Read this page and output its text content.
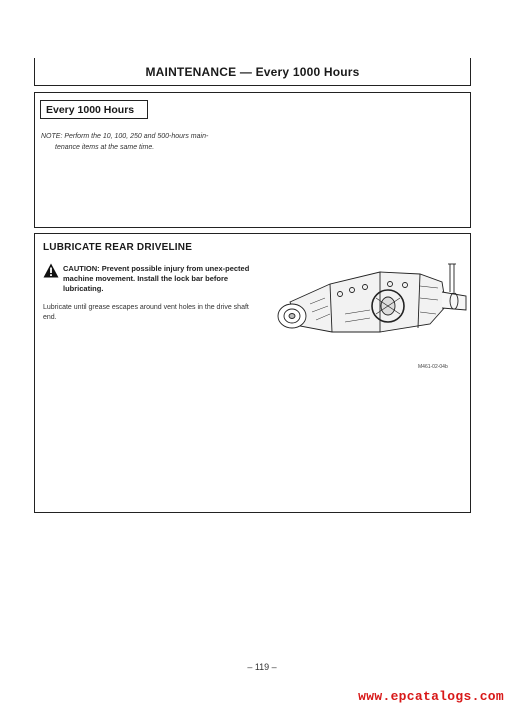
MAINTENANCE — Every 1000 Hours
Every 1000 Hours
NOTE: Perform the 10, 100, 250 and 500-hours main-
tenance items at the same time.
LUBRICATE REAR DRIVELINE
CAUTION: Prevent possible injury from unex-pected machine movement. Install the lock bar before lubricating.
Lubricate until grease escapes around vent holes in the drive shaft end.
M461-02-04b
– 119 –
www.epcatalogs.com
